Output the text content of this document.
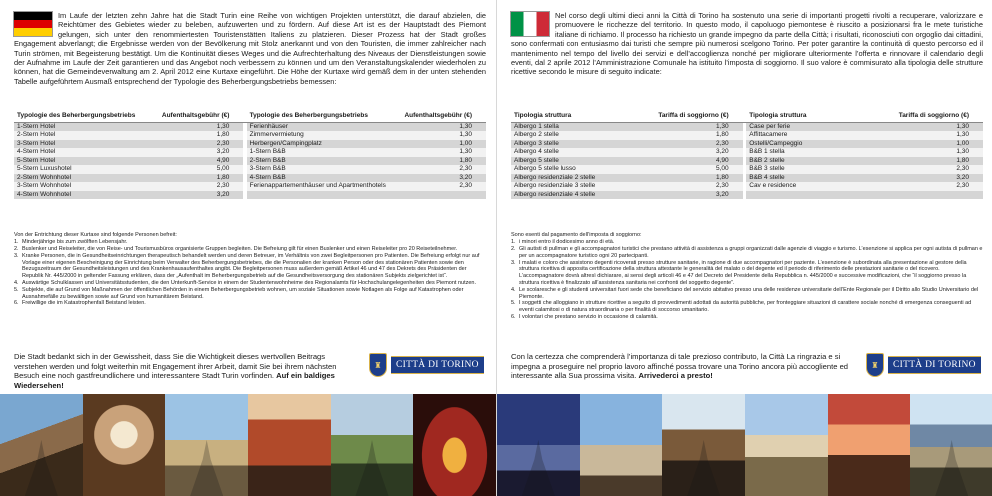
Im Laufe der letzten zehn Jahre hat die Stadt Turin eine Reihe von wichtigen Projekten unterstützt, die darauf abzielen, die Reichtümer des Gebietes wieder zu beleben, aufzuwerten und zu fördern. Auf diese Art ist es der Hauptstadt des Piemont gelungen, sich unter den renommiertesten Touristenstätten Italiens zu platzieren. Dieser Prozess hat der Stadt großes Engagement abverlangt; die Ergebnisse werden von der Bevölkerung mit Stolz anerkannt und von den Touristen, die immer zahlreicher nach Turin strömen, mit Begeisterung bestätigt. Um die Kontinuität dieses Weges und die Aufrechterhaltung des Niveaus der Dienstleistungen sowie der Aufnahme im Laufe der Zeit garantieren und das Angebot noch verbessern zu können und um den Veranstaltungskalender wiederholen zu können, hat die Gemeindeverwaltung am 2. April 2012 eine Kurtaxe eingeführt. Die Höhe der Kurtaxe wird gemäß dem in der unten stehenden Tabelle aufgeführtem Ausmaß entsprechend der Typologie des Beherbergungsbetriebs bemessen:
Typologie des Beherbergungsbetriebs	Aufenthaltsgebühr (€)		Typologie des Beherbergungsbetriebs	Aufenthaltsgebühr (€)
1-Stern Hotel	1,30		Ferienhäuser	1,30
2-Stern Hotel	1,80		Zimmervermietung	1,30
3-Stern Hotel	2,30		Herbergen/Campingplatz	1,00
4-Stern Hotel	3,20		1-Stern B&B	1,30
5-Stern Hotel	4,90		2-Stern B&B	1,80
5-Stern Luxushotel	5,00		3-Stern B&B	2,30
2-Stern Wohnhotel	1,80		4-Stern B&B	3,20
3-Stern Wohnhotel	2,30		Ferienappartementhäuser und Apartmenthotels	2,30
4-Stern Wohnhotel	3,20			

Von der Entrichtung dieser Kurtaxe sind folgende Personen befreit:

1. Minderjährige bis zum zwölften Lebensjahr.
2. Buslenker und Reiseleiter, die von Reise- und Tourismusbüros organisierte Gruppen begleiten. Die Befreiung gilt für einen Buslenker und einen Reiseleiter pro 20 Reiseteilnehmer.
3. Kranke Personen, die in Gesundheitseinrichtungen therapeutisch behandelt werden und deren Betreuer, im Verhältnis von zwei Begleitpersonen pro Patienten. Die Befreiung erfolgt nur auf Vorlage einer eigenen Bescheinigung der Einrichtung beim Verwalter des Beherbergungsbetriebes, die die Personalien der kranken Person oder des stationären Patienten sowie den Bezugszeitraum der Gesundheitsleistungen und des Krankenhausaufenthaltes angibt. Die Begleitpersonen muss außerdem gemäß Artikel 46 und 47 des Dekrets des Präsidenten der Republik Nr. 445/2000 in geltender Fassung erklären, dass der „Aufenthalt im Beherbergungsbetrieb auf die Gesundheitsversorgung des stationären Subjekts zielgerichtet ist“.
4. Auswärtige Schulklassen und Universitätsstudenten, die den Unterkunft-Service in einem der Studentenwohnheime des Regionalamts für Hochschulangelegenheiten des Piemont nutzen.
5. Subjekte, die auf Grund von Maßnahmen der öffentlichen Behörden in einem Beherbergungsbetrieb wohnen, um soziale Situationen sowie Notlagen als Folge auf Katastrophen oder Ausnahmefälle zu bewältigen sowie auf Grund von humanitärem Beistand.
6. Freiwillige die im Katastrophenfall Beistand leisten.
Die Stadt bedankt sich in der Gewissheit, dass Sie die Wichtigkeit dieses wertvollen Beitrags verstehen werden und folgt weiterhin mit Engagement ihrer Arbeit, damit Sie bei ihrem nächsten Besuch eine noch gastfreundlichere und interessantere Stadt Turin vorfinden. Auf ein baldiges Wiedersehen!
♜	CITTÀ DI TORINO
Nel corso degli ultimi dieci anni la Città di Torino ha sostenuto una serie di importanti progetti rivolti a recuperare, valorizzare e promuovere le ricchezze del territorio. In questo modo, il capoluogo piemontese è riuscito a posizionarsi fra le mete turistiche italiane di richiamo. Il processo ha richiesto un grande impegno da parte della Città; i risultati, riconosciuti con orgoglio dai cittadini, sono confermati con entusiasmo dai turisti che sempre più numerosi scelgono Torino. Per poter garantire la continuità di questo percorso ed il mantenimento nel tempo del livello dei servizi e dell’accoglienza nonché per migliorare ulteriormente l’offerta e rinnovare il calendario degli eventi, dal 2 aprile 2012 l’Amministrazione Comunale ha istituito l’imposta di soggiorno. Il suo valore è commisurato alla tipologia delle strutture ricettive secondo le misure di seguito indicate:
Tipologia struttura	Tariffa di soggiorno (€)		Tipologia struttura	Tariffa di soggiorno (€)
Albergo 1 stella	1,30		Case per ferie	1,30
Albergo 2 stelle	1,80		Affittacamere	1,30
Albergo 3 stelle	2,30		Ostelli/Campeggio	1,00
Albergo 4 stelle	3,20		B&B 1 stella	1,30
Albergo 5 stelle	4,90		B&B 2 stelle	1,80
Albergo 5 stelle lusso	5,00		B&B 3 stelle	2,30
Albergo residenziale 2 stelle	1,80		B&B 4 stelle	3,20
Albergo residenziale 3 stelle	2,30		Cav e residence	2,30
Albergo residenziale 4 stelle	3,20			

Sono esenti dal pagamento dell’imposta di soggiorno:

1. i minori entro il dodicesimo anno di età.
2. Gli autisti di pullman e gli accompagnatori turistici che prestano attività di assistenza a gruppi organizzati dalle agenzie di viaggio e turismo. L’esenzione si applica per ogni autista di pullman e per un accompagnatore turistico ogni 20 partecipanti.
3. I malati e coloro che assistono degenti ricoverati presso strutture sanitarie, in ragione di due accompagnatori per paziente. L’esenzione è subordinata alla presentazione al gestore della struttura ricettiva di apposita certificazione della struttura attestante le generalità del malato o del degente ed il periodo di riferimento delle prestazioni sanitarie o del ricovero. L’accompagnatore dovrà altresì dichiarare, ai sensi degli articoli 46 e 47 del Decreto del Presidente della Repubblica n. 445/2000 e successive modificazioni, che “il soggiorno presso la struttura ricettiva è finalizzato all’assistenza sanitaria nei confronti del soggetto degente”.
4. Le scolaresche e gli studenti universitari fuori sede che beneficiano del servizio abitativo presso una delle residenze universitarie dell’Ente Regionale per il Diritto allo Studio Universitario del Piemonte.
5. I soggetti che alloggiano in strutture ricettive a seguito di provvedimenti adottati da autorità pubbliche, per fronteggiare situazioni di carattere sociale nonché di emergenza conseguenti ad eventi calamitosi o di natura straordinaria o per finalità di soccorso umanitario.
6. I volontari che prestano servizio in occasione di calamità.
Con la certezza che comprenderà l’importanza di tale prezioso contributo, la Città La ringrazia e si impegna a proseguire nel proprio lavoro affinché possa trovare una Torino ancora più accogliente ed interessante alla Sua prossima visita. Arrivederci a presto!
♜	CITTÀ DI TORINO
